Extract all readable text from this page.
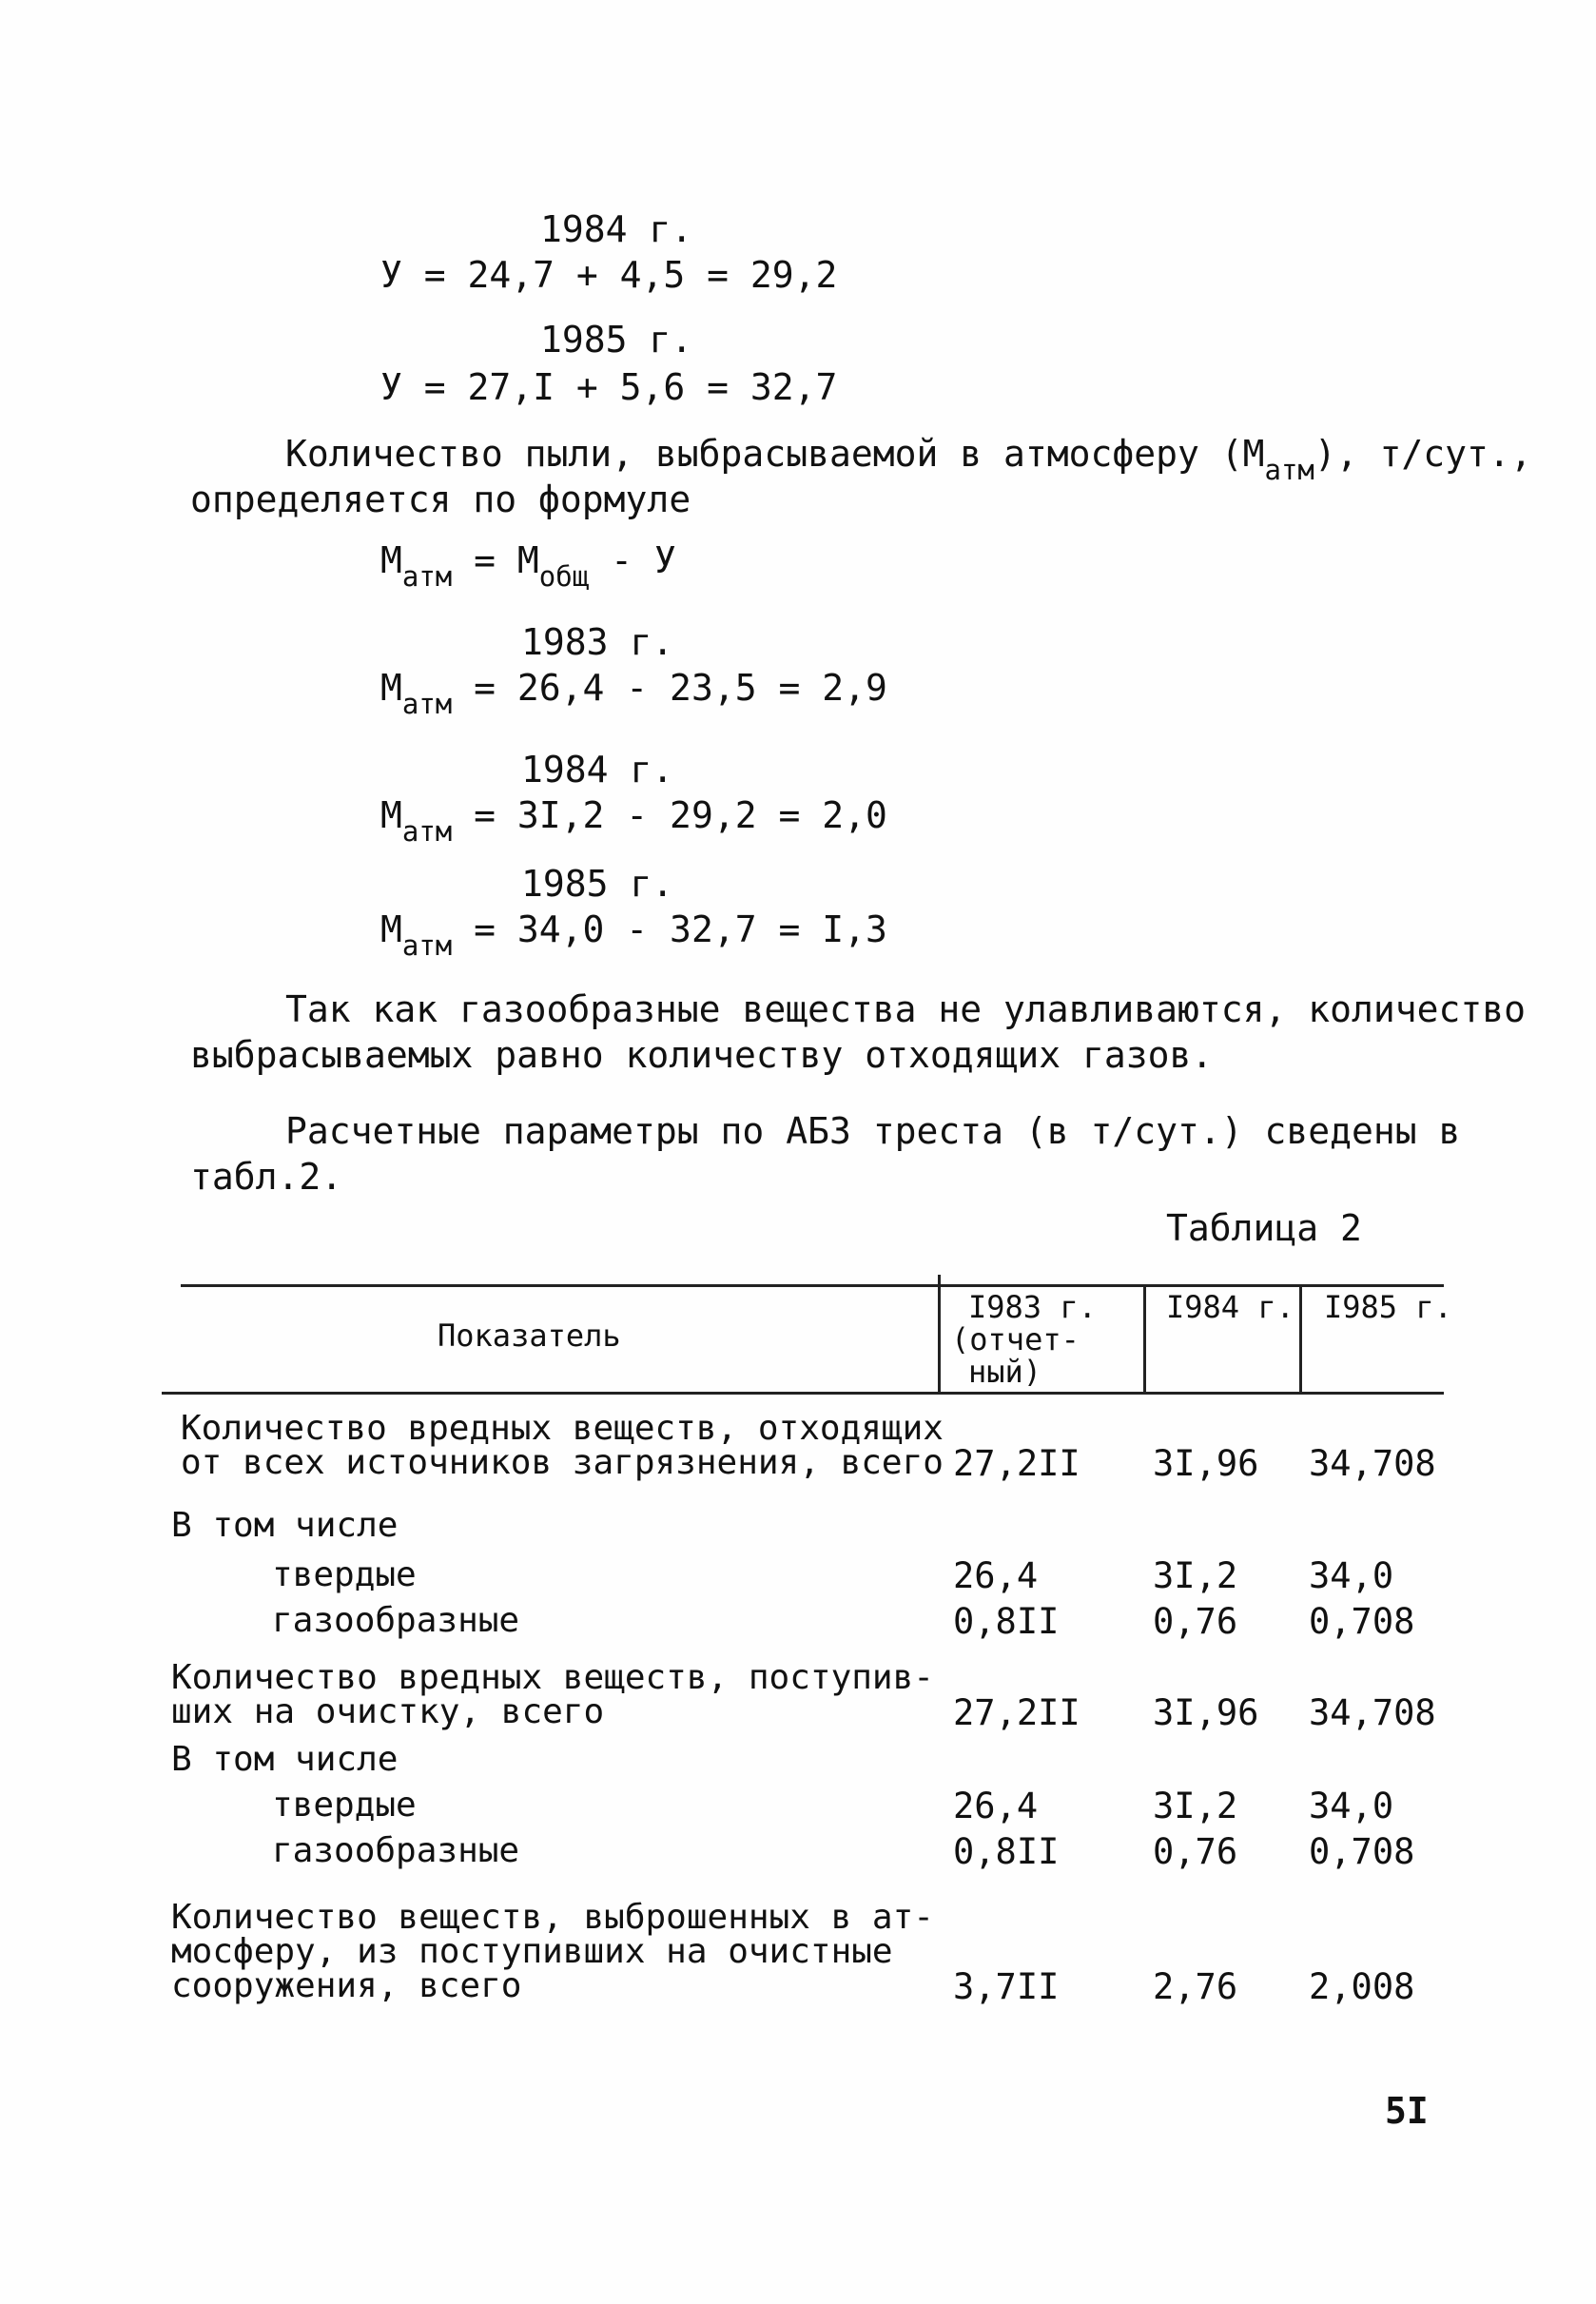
1984 г.
У = 24,7 + 4,5 = 29,2
1985 г.
У = 27,I + 5,6 = 32,7
Количество пыли, выбрасываемой в атмосферу $(М_{атм})$, т/сут.,
определяется по формуле
$М_{атм} = М_{общ} - У$
1983 г.
$М_{атм} = 26,4 - 23,5 = 2,9$
1984 г.
$М_{атм} = 3I,2 - 29,2 = 2,0$
1985 г.
$М_{атм} = 34,0 - 32,7 = I,3$
Так как газообразные вещества не улавливаются, количество
выбрасываемых равно количеству отходящих газов.
Расчетные параметры по АБЗ треста (в т/сут.) сведены в
табл.2.
Таблица 2
Показатель
I983 г.
(отчет-
ный)
I984 г. I985 г.
Количество вредных веществ, отходящих
от всех источников загрязнения, всего 27,2II 3I,96 34,708
В том числе
твердые	26,4	3I,2 34,0
газообразные	0,8II	0,76 0,708
Количество вредных веществ, поступив-
ших на очистку, всего	27,2II 3I,96 34,708
В том числе
твердые	26,4	3I,2 34,0
газообразные	0,8II	0,76 0,708
Количество веществ, выброшенных в ат-
мосферу, из поступивших на очистные
сооружения, всего	3,7II	2,76 2,008
5I
